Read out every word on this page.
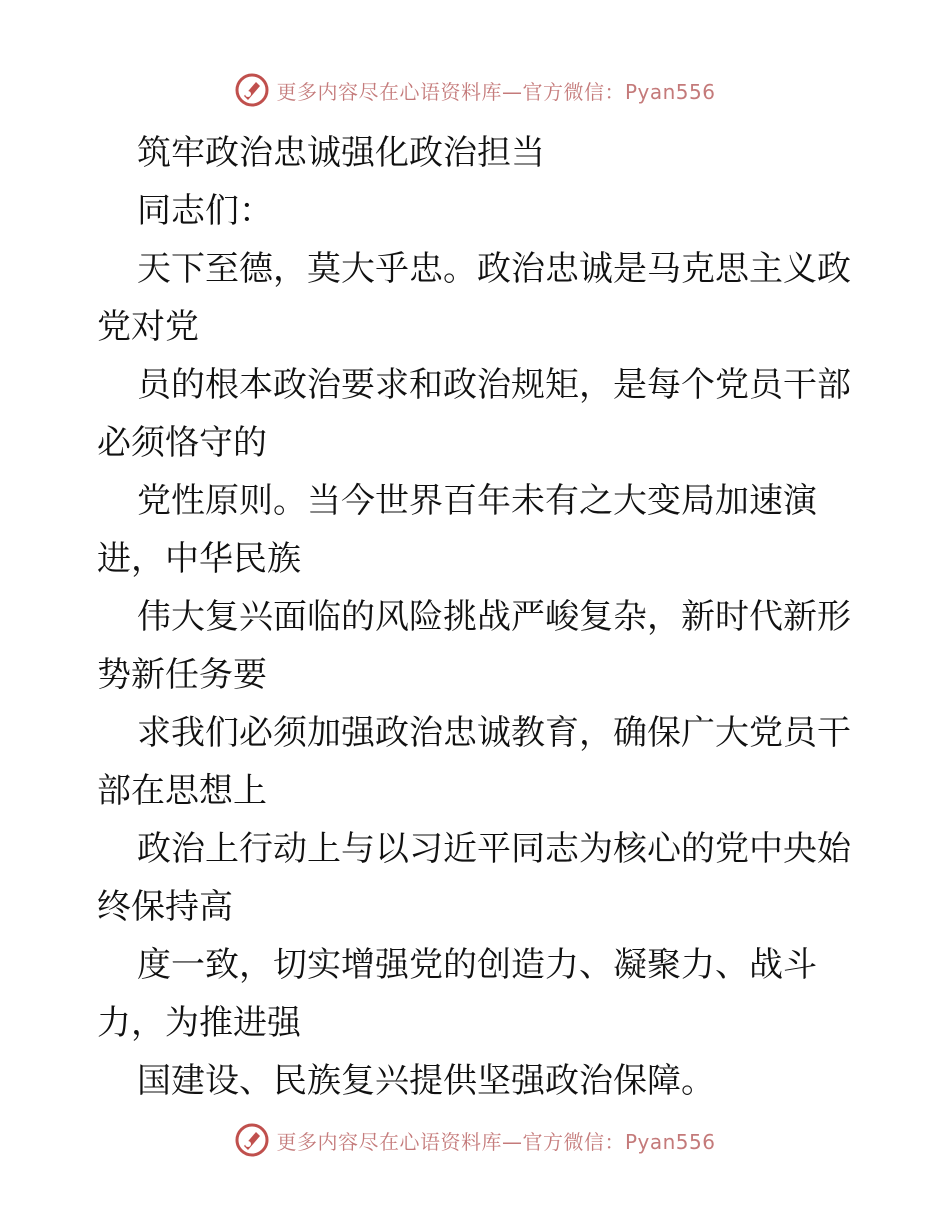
更多内容尽在心语资料库—官方微信：Pyan556
筑牢政治忠诚强化政治担当
同志们：
天下至德，莫大乎忠。政治忠诚是马克思主义政
党对党
员的根本政治要求和政治规矩，是每个党员干部
必须恪守的
党性原则。当今世界百年未有之大变局加速演
进，中华民族
伟大复兴面临的风险挑战严峻复杂，新时代新形
势新任务要
求我们必须加强政治忠诚教育，确保广大党员干
部在思想上
政治上行动上与以习近平同志为核心的党中央始
终保持高
度一致，切实增强党的创造力、凝聚力、战斗
力，为推进强
国建设、民族复兴提供坚强政治保障。
更多内容尽在心语资料库—官方微信：Pyan556
